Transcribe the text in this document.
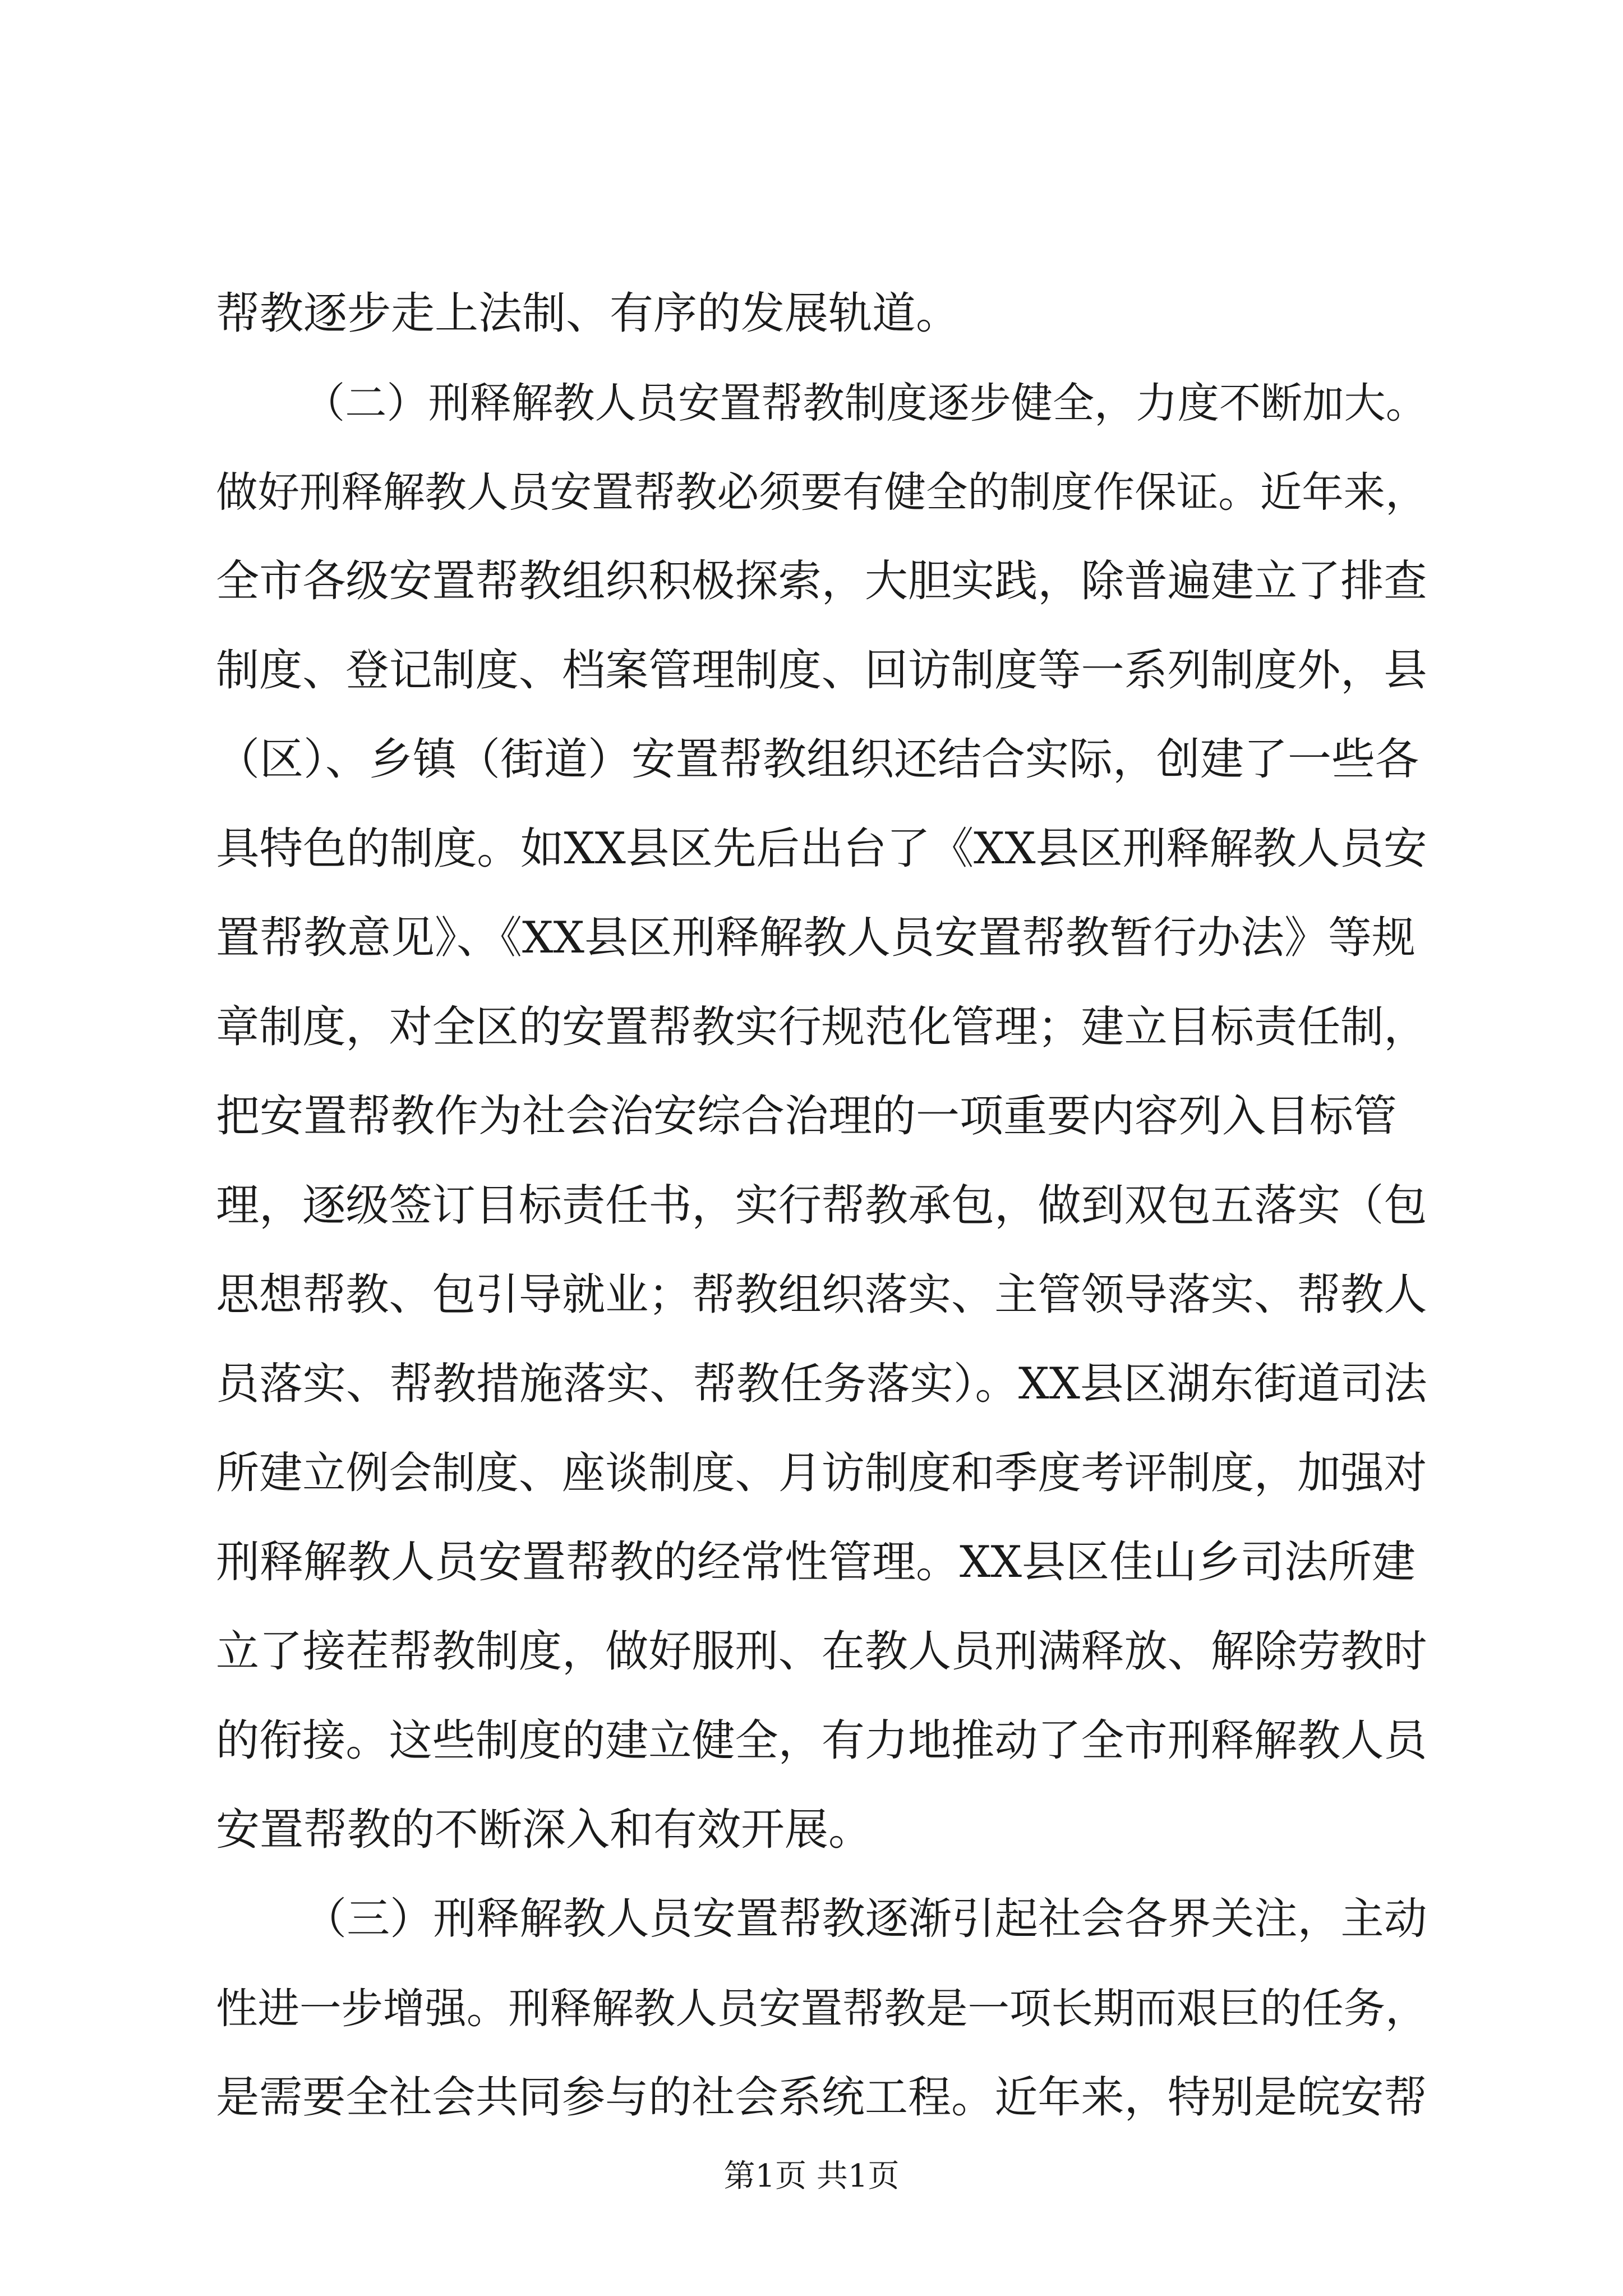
帮教逐步走上法制、有序的发展轨道。
（二）刑释解教人员安置帮教制度逐步健全，力度不断加大。
做好刑释解教人员安置帮教必须要有健全的制度作保证。近年来，
全市各级安置帮教组织积极探索，大胆实践，除普遍建立了排查
制度、登记制度、档案管理制度、回访制度等一系列制度外，县
（区）、乡镇（街道）安置帮教组织还结合实际，创建了一些各
具特色的制度。如XX县区先后出台了《XX县区刑释解教人员安
置帮教意见》、《XX县区刑释解教人员安置帮教暂行办法》等规
章制度，对全区的安置帮教实行规范化管理；建立目标责任制，
把安置帮教作为社会治安综合治理的一项重要内容列入目标管
理，逐级签订目标责任书，实行帮教承包，做到双包五落实（包
思想帮教、包引导就业；帮教组织落实、主管领导落实、帮教人
员落实、帮教措施落实、帮教任务落实）。XX县区湖东街道司法
所建立例会制度、座谈制度、月访制度和季度考评制度，加强对
刑释解教人员安置帮教的经常性管理。XX县区佳山乡司法所建
立了接茬帮教制度，做好服刑、在教人员刑满释放、解除劳教时
的衔接。这些制度的建立健全，有力地推动了全市刑释解教人员
安置帮教的不断深入和有效开展。
（三）刑释解教人员安置帮教逐渐引起社会各界关注，主动
性进一步增强。刑释解教人员安置帮教是一项长期而艰巨的任务，
是需要全社会共同参与的社会系统工程。近年来，特别是皖安帮
第1页 共1页
